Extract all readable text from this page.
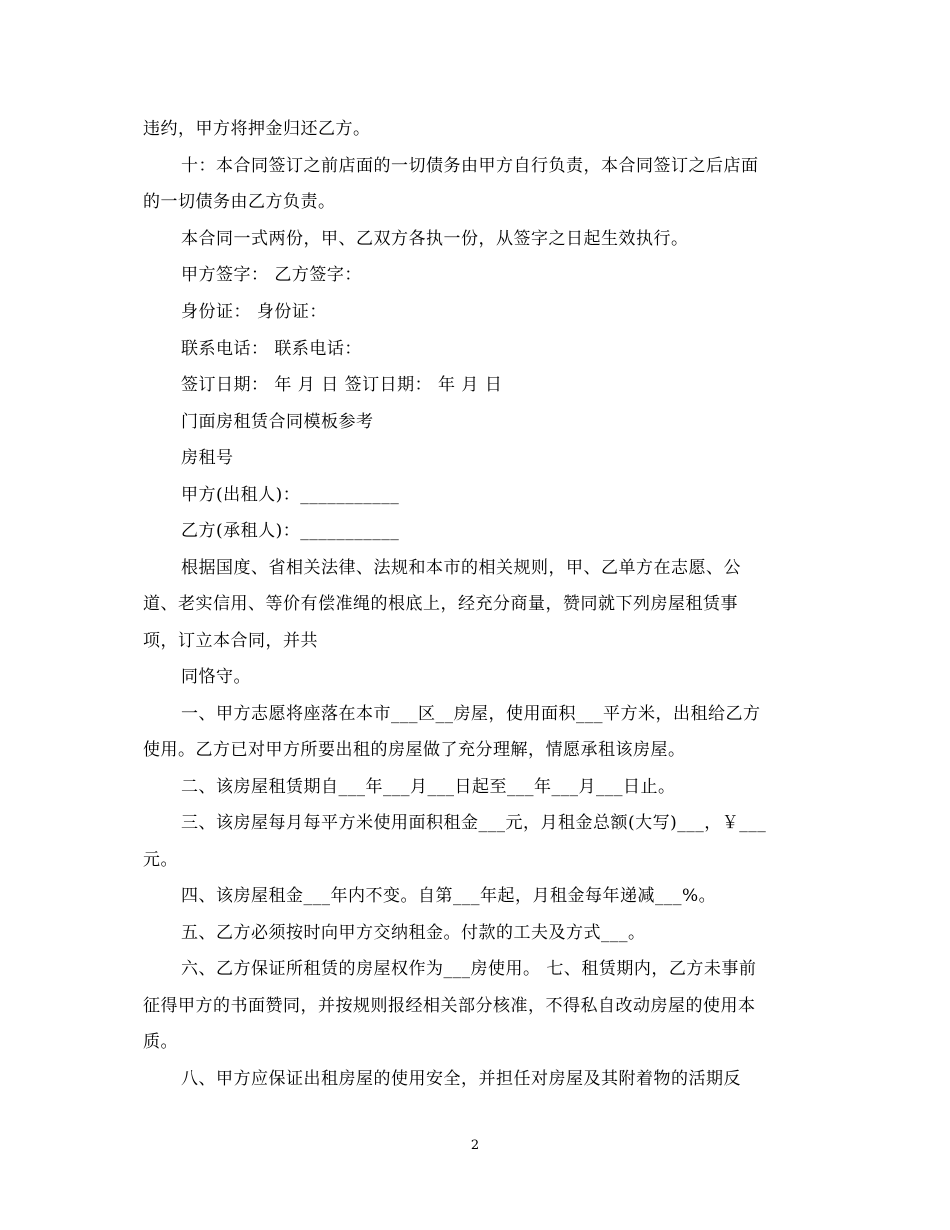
违约，甲方将押金归还乙方。
十：本合同签订之前店面的一切债务由甲方自行负责，本合同签订之后店面
的一切债务由乙方负责。
本合同一式两份，甲、乙双方各执一份，从签字之日起生效执行。
甲方签字： 乙方签字：
身份证： 身份证：
联系电话： 联系电话：
签订日期： 年 月 日 签订日期： 年 月 日
门面房租赁合同模板参考
房租号
甲方(出租人)：___________
乙方(承租人)：___________
根据国度、省相关法律、法规和本市的相关规则，甲、乙单方在志愿、公
道、老实信用、等价有偿准绳的根底上，经充分商量，赞同就下列房屋租赁事
项，订立本合同，并共
同恪守。
一、甲方志愿将座落在本市___区__房屋，使用面积___平方米，出租给乙方
使用。乙方已对甲方所要出租的房屋做了充分理解，情愿承租该房屋。
二、该房屋租赁期自___年___月___日起至___年___月___日止。
三、该房屋每月每平方米使用面积租金___元，月租金总额(大写)___，￥___
元。
四、该房屋租金___年内不变。自第___年起，月租金每年递减___%。
五、乙方必须按时向甲方交纳租金。付款的工夫及方式___。
六、乙方保证所租赁的房屋权作为___房使用。 七、租赁期内，乙方未事前
征得甲方的书面赞同，并按规则报经相关部分核准，不得私自改动房屋的使用本
质。
八、甲方应保证出租房屋的使用安全，并担任对房屋及其附着物的活期反
2
